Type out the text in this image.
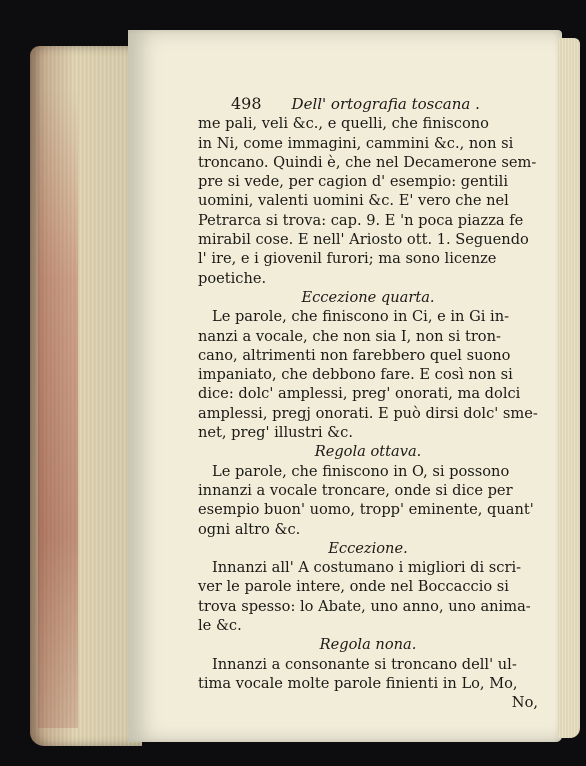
498 Dell' ortografia toscana .
me pali, veli &c., e quelli, che finiscono
in Ni, come immagini, cammini &c., non si
troncano. Quindi è, che nel Decamerone sem-
pre si vede, per cagion d' esempio: gentili
uomini, valenti uomini &c. E' vero che nel
Petrarca si trova: cap. 9. E 'n poca piazza fe
mirabil cose. E nell' Ariosto ott. 1. Seguendo
l' ire, e i giovenil furori; ma sono licenze
poetiche.
Eccezione quarta.
Le parole, che finiscono in Ci, e in Gi in-
nanzi a vocale, che non sia I, non si tron-
cano, altrimenti non farebbero quel suono
impaniato, che debbono fare. E così non si
dice: dolc' amplessi, preg' onorati, ma dolci
amplessi, pregj onorati. E può dirsi dolc' sme-
net, preg' illustri &c.
Regola ottava.
Le parole, che finiscono in O, si possono
innanzi a vocale troncare, onde si dice per
esempio buon' uomo, tropp' eminente, quant'
ogni altro &c.
Eccezione.
Innanzi all' A costumano i migliori di scri-
ver le parole intere, onde nel Boccaccio si
trova spesso: lo Abate, uno anno, uno anima-
le &c.
Regola nona.
Innanzi a consonante si troncano dell' ul-
tima vocale molte parole finienti in Lo, Mo,
No,
